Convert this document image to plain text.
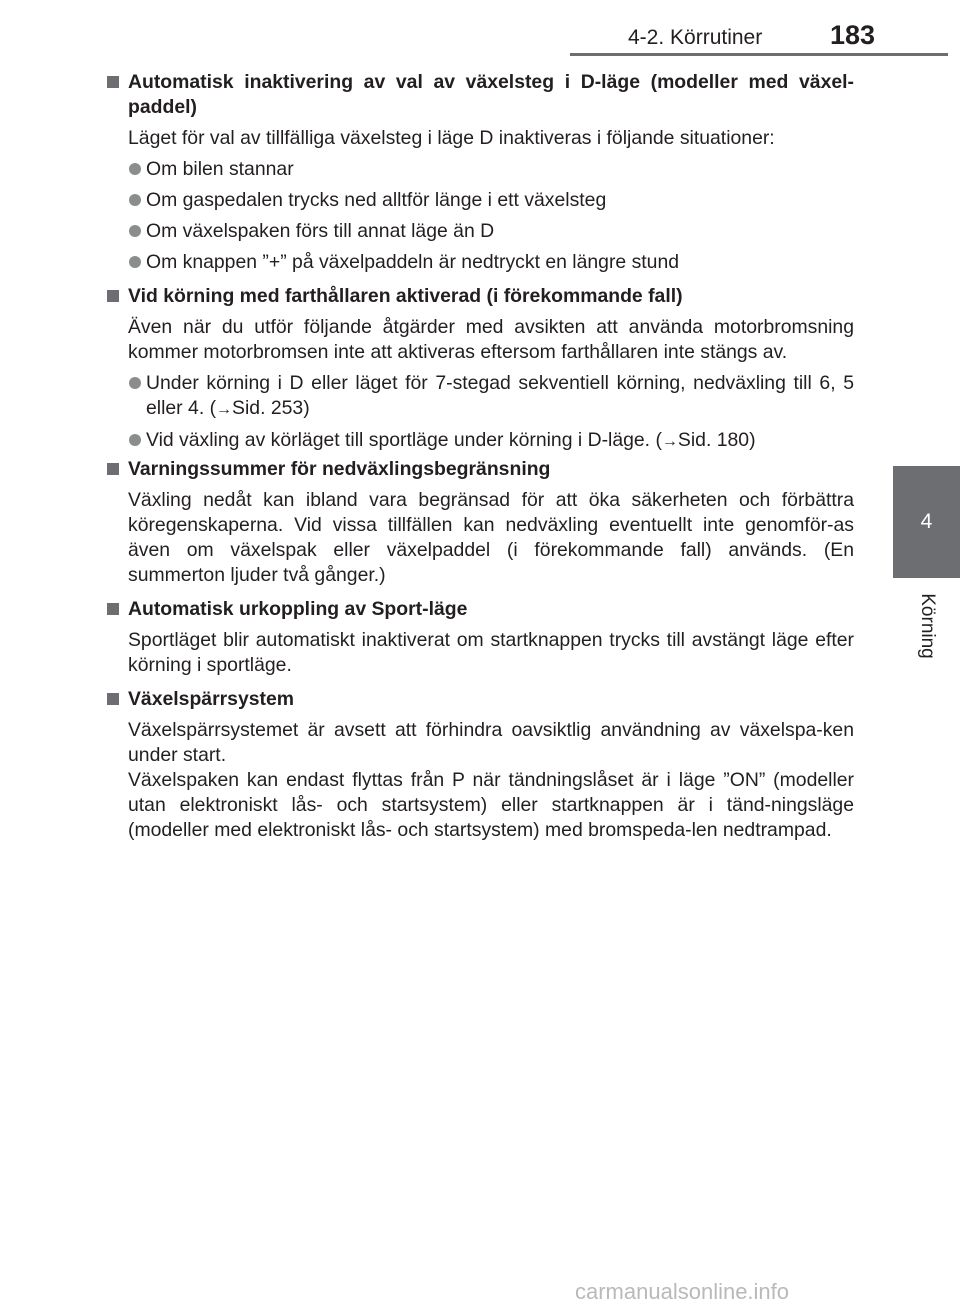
4-2. Körrutiner	183
4
Körning
Automatisk inaktivering av val av växelsteg i D-läge (modeller med växel-paddel)

Läget för val av tillfälliga växelsteg i läge D inaktiveras i följande situationer:

Om bilen stannar
Om gaspedalen trycks ned alltför länge i ett växelsteg
Om växelspaken förs till annat läge än D
Om knappen ”+” på växelpaddeln är nedtryckt en längre stund
Vid körning med farthållaren aktiverad (i förekommande fall)

Även när du utför följande åtgärder med avsikten att använda motorbromsning kommer motorbromsen inte att aktiveras eftersom farthållaren inte stängs av.

Under körning i D eller läget för 7-stegad sekventiell körning, nedväxling till 6, 5 eller 4. (→Sid. 253)
Vid växling av körläget till sportläge under körning i D-läge. (→Sid. 180)
Varningssummer för nedväxlingsbegränsning

Växling nedåt kan ibland vara begränsad för att öka säkerheten och förbättra köregenskaperna. Vid vissa tillfällen kan nedväxling eventuellt inte genomför-as även om växelspak eller växelpaddel (i förekommande fall) används. (En summerton ljuder två gånger.)

Automatisk urkoppling av Sport-läge

Sportläget blir automatiskt inaktiverat om startknappen trycks till avstängt läge efter körning i sportläge.

Växelspärrsystem

Växelspärrsystemet är avsett att förhindra oavsiktlig användning av växelspa-ken under start.

Växelspaken kan endast flyttas från P när tändningslåset är i läge ”ON” (modeller utan elektroniskt lås- och startsystem) eller startknappen är i tänd-ningsläge (modeller med elektroniskt lås- och startsystem) med bromspeda-len nedtrampad.

carmanualsonline.info
